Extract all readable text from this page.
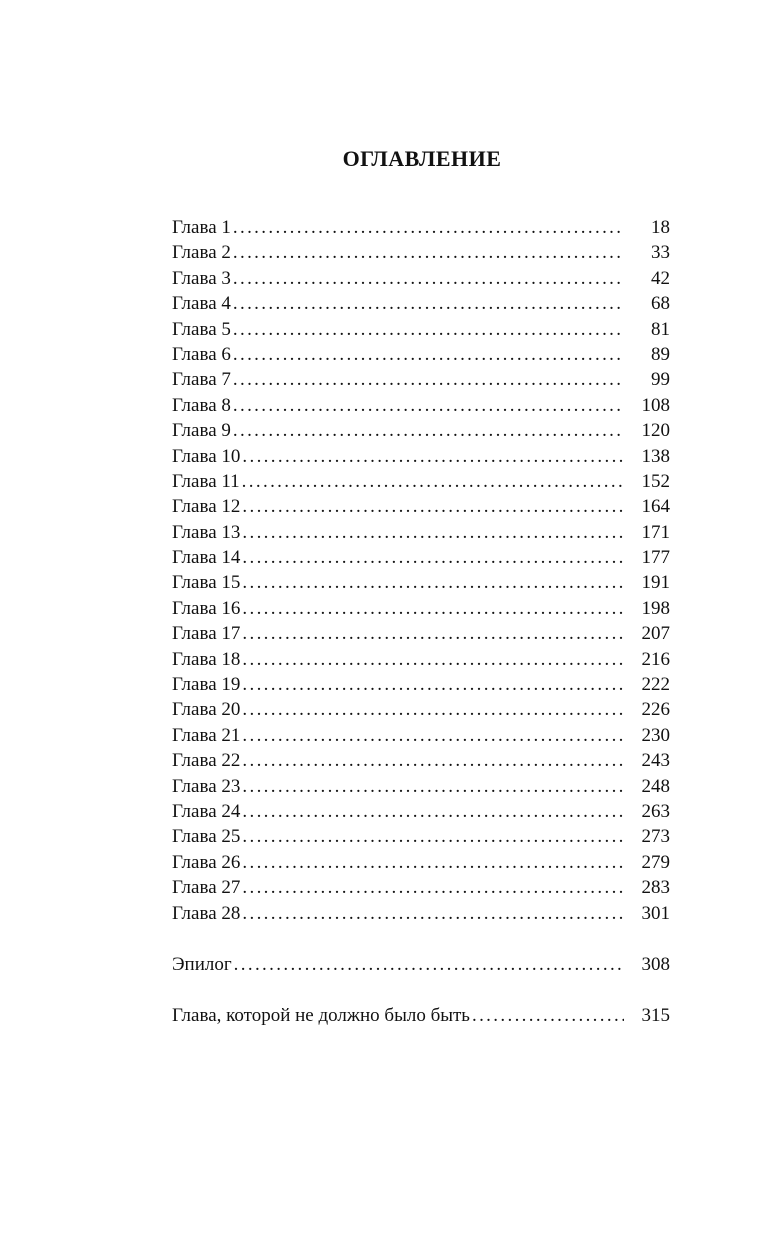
ОГЛАВЛЕНИЕ
Глава 1 . . .	18
Глава 2 . . .	33
Глава 3 . . .	42
Глава 4 . . .	68
Глава 5 . . .	81
Глава 6 . . .	89
Глава 7 . . .	99
Глава 8 . . .	108
Глава 9 . . .	120
Глава 10 . . .	138
Глава 11 . . .	152
Глава 12 . . .	164
Глава 13 . . .	171
Глава 14 . . .	177
Глава 15 . . .	191
Глава 16 . . .	198
Глава 17 . . .	207
Глава 18 . . .	216
Глава 19 . . .	222
Глава 20 . . .	226
Глава 21 . . .	230
Глава 22 . . .	243
Глава 23 . . .	248
Глава 24 . . .	263
Глава 25 . . .	273
Глава 26 . . .	279
Глава 27 . . .	283
Глава 28 . . .	301
Эпилог . . .	308
Глава, которой не должно было быть . . .	315
